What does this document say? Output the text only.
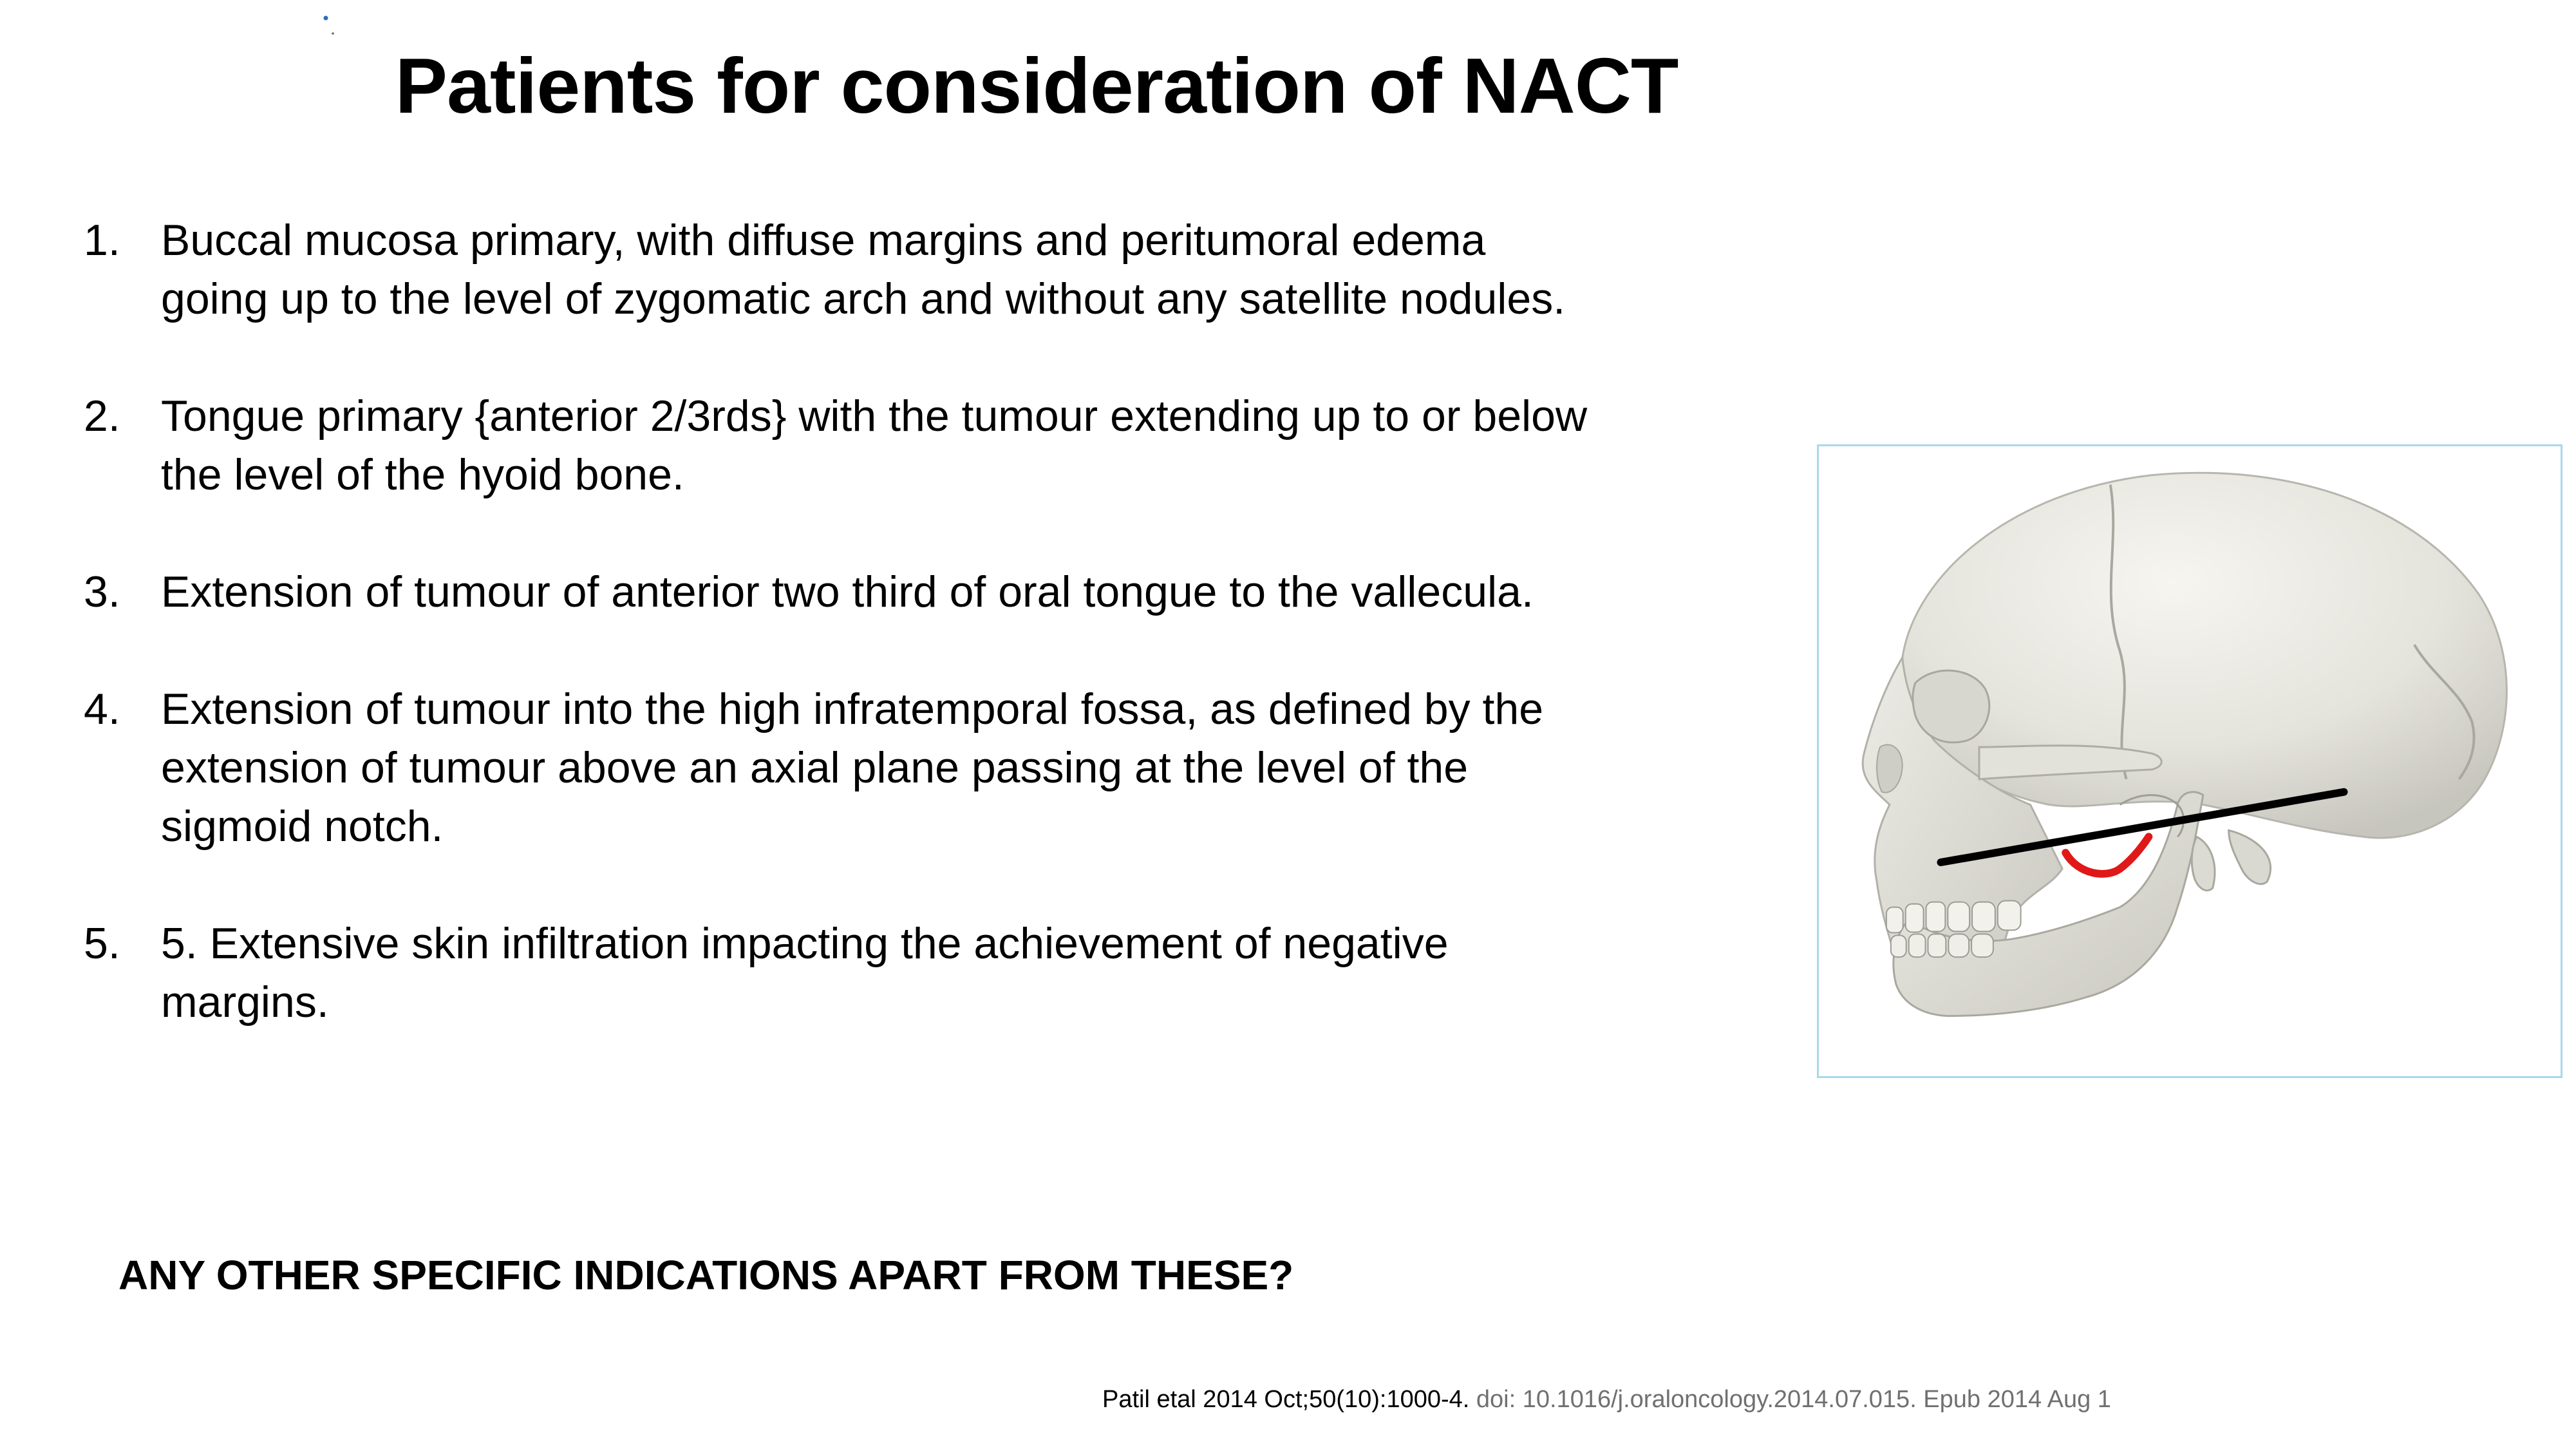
Patients for consideration of NACT
1. Buccal mucosa primary, with diffuse margins and peritumoral edema going up to the level of zygomatic arch and without any satellite nodules.
2. Tongue primary {anterior 2/3rds} with the tumour extending up to or below the level of the hyoid bone.
3. Extension of tumour of anterior two third of oral tongue to the vallecula.
4. Extension of tumour into the high infratemporal fossa, as defined by the extension of tumour above an axial plane passing at the level of the sigmoid notch.
5. 5. Extensive skin infiltration impacting the achievement of negative margins.

ANY OTHER SPECIFIC INDICATIONS APART FROM THESE?

Patil etal 2014 Oct;50(10):1000-4. doi: 10.1016/j.oraloncology.2014.07.015. Epub 2014 Aug 1
